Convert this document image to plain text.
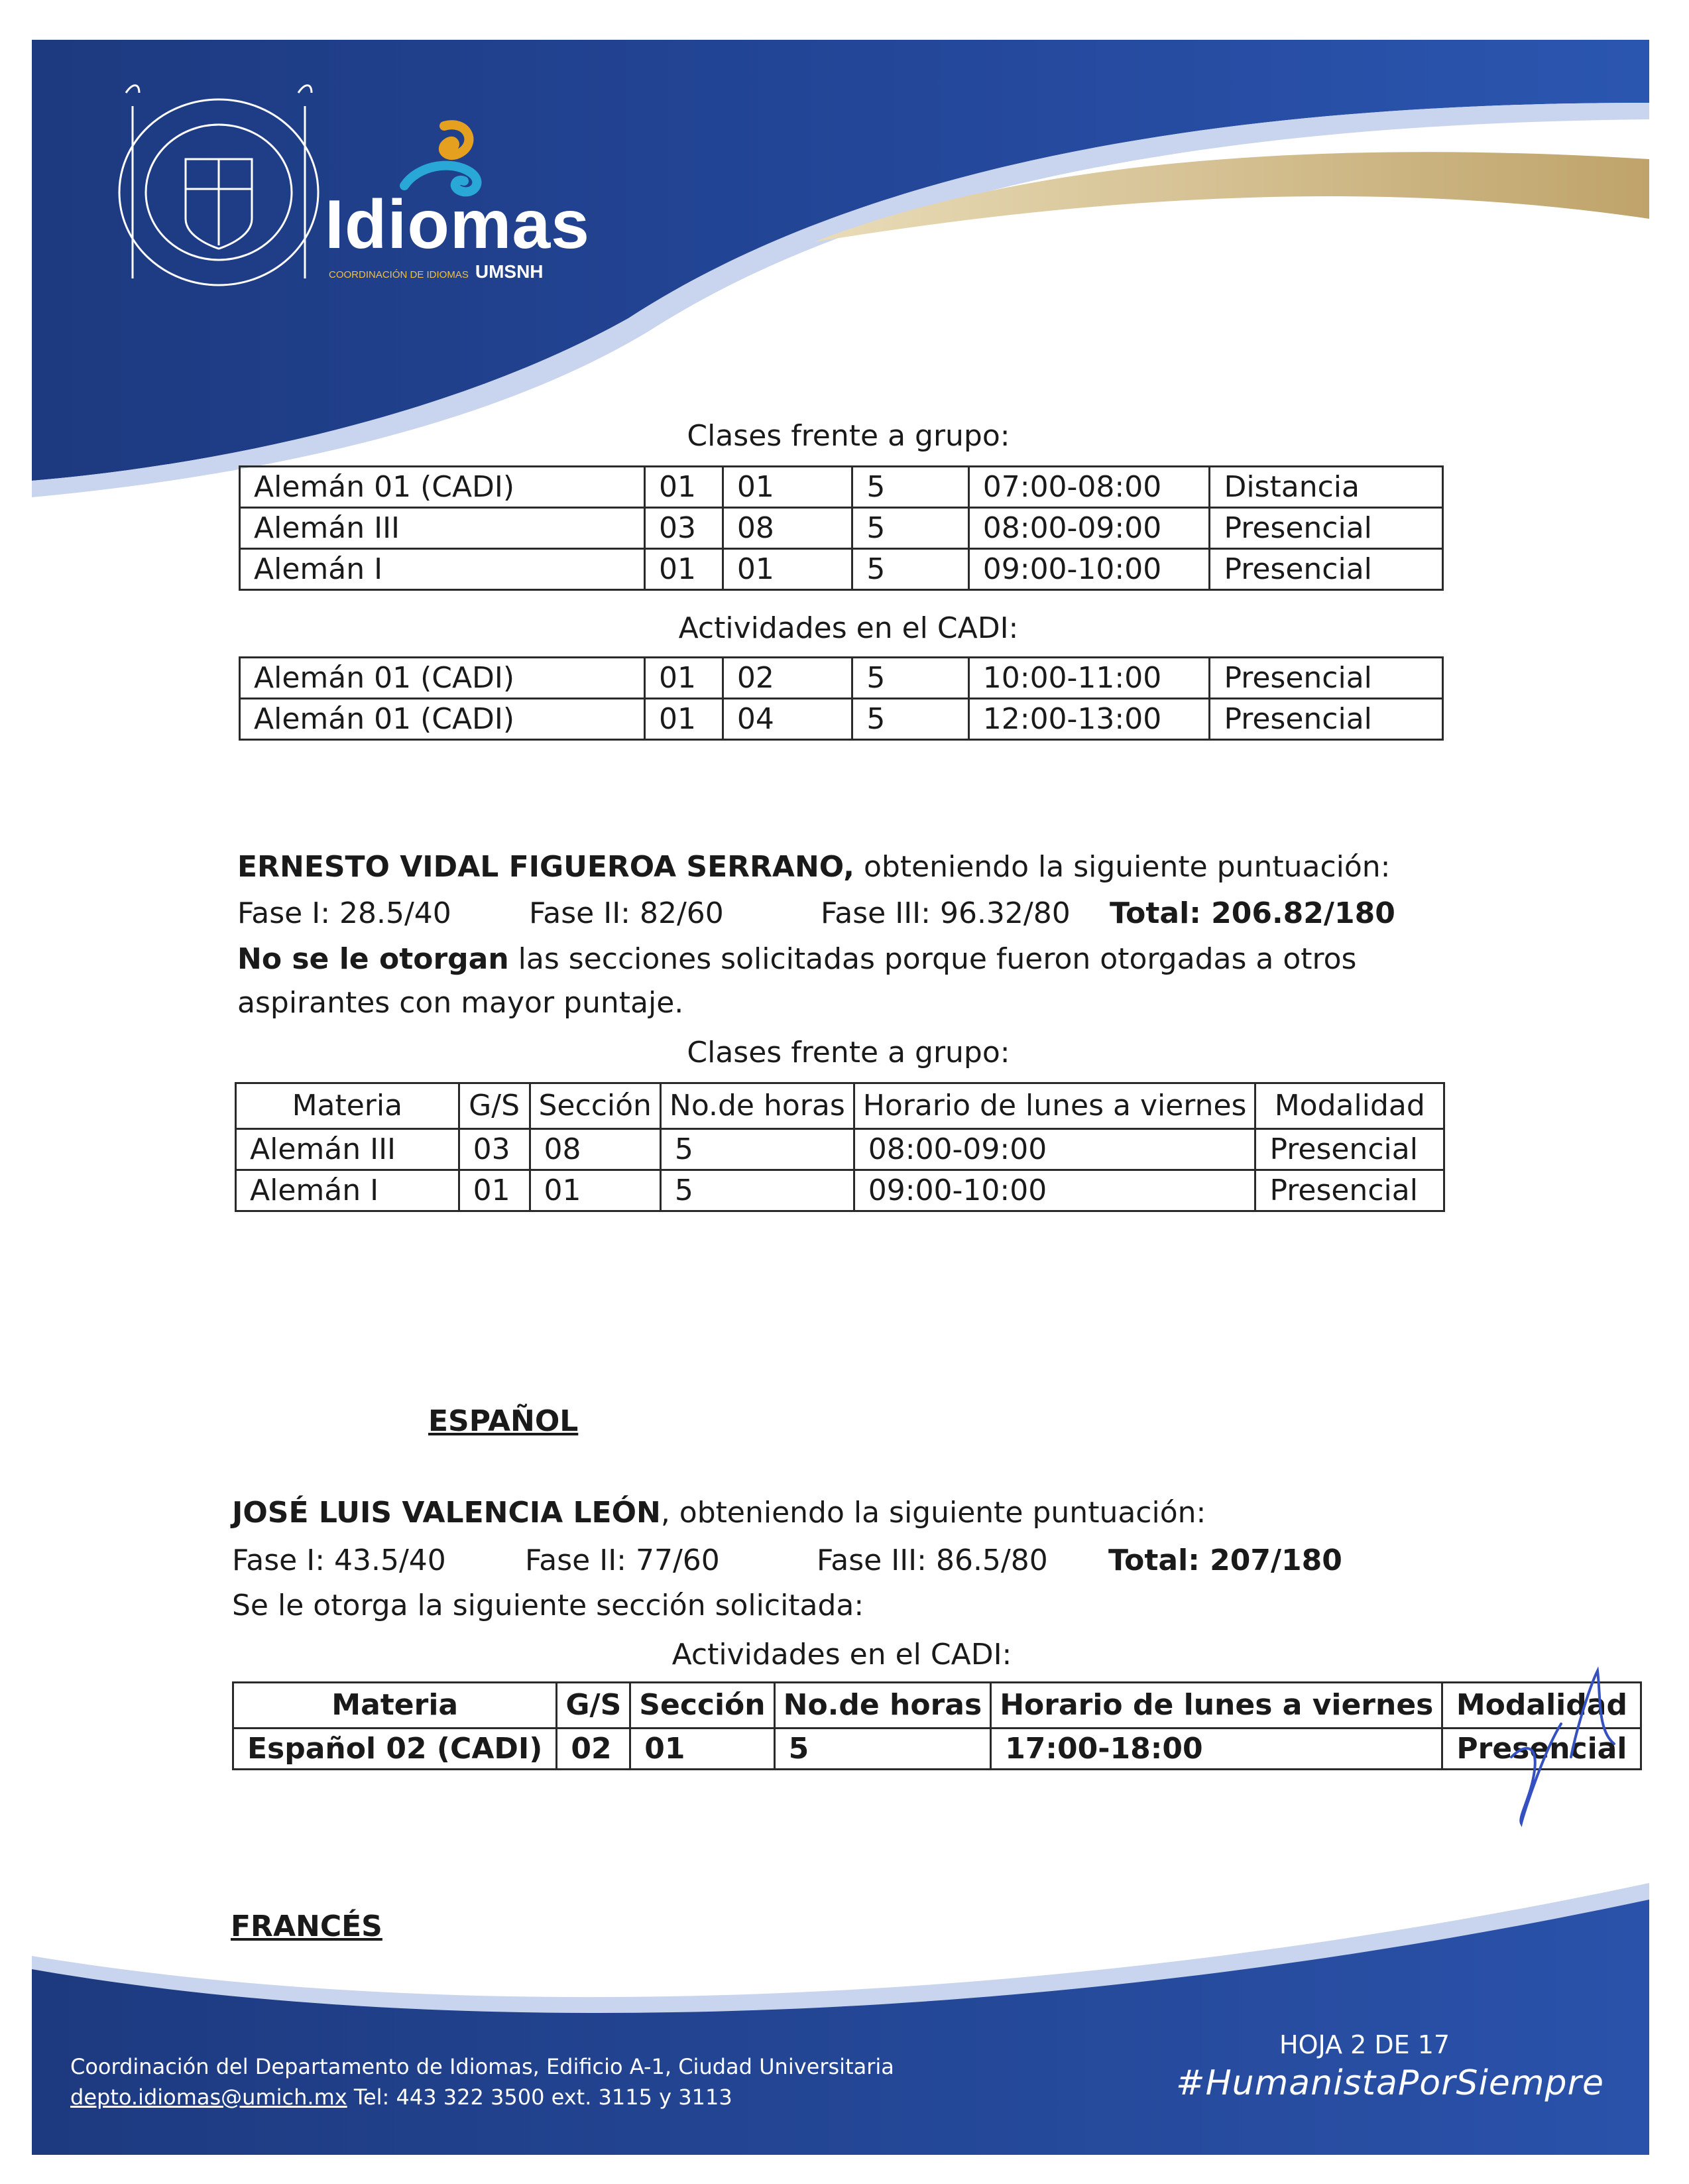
Idiomas
COORDINACIÓN DE IDIOMAS UMSNH
Clases frente a grupo:
Alemán 01 (CADI)	01	01	5	07:00-08:00	Distancia
Alemán III	03	08	5	08:00-09:00	Presencial
Alemán I	01	01	5	09:00-10:00	Presencial
Actividades en el CADI:
Alemán 01 (CADI)	01	02	5	10:00-11:00	Presencial
Alemán 01 (CADI)	01	04	5	12:00-13:00	Presencial
ERNESTO VIDAL FIGUEROA SERRANO, obteniendo la siguiente puntuación:
Fase I: 28.5/40	Fase II: 82/60	Fase III: 96.32/80 Total: 206.82/180
No se le otorgan las secciones solicitadas porque fueron otorgadas a otros aspirantes con mayor puntaje.
Clases frente a grupo:
Materia	G/S	Sección	No.de horas	Horario de lunes a viernes	Modalidad
Alemán III	03	08	5	08:00-09:00	Presencial
Alemán I	01	01	5	09:00-10:00	Presencial
ESPAÑOL
JOSÉ LUIS VALENCIA LEÓN, obteniendo la siguiente puntuación:
Fase I: 43.5/40	Fase II: 77/60	Fase III: 86.5/80 Total: 207/180
Se le otorga la siguiente sección solicitada:
Actividades en el CADI:
Materia	G/S	Sección	No.de horas	Horario de lunes a viernes	Modalidad
Español 02 (CADI)	02	01	5	17:00-18:00	Presencial
FRANCÉS
Coordinación del Departamento de Idiomas, Edificio A-1, Ciudad Universitaria
depto.idiomas@umich.mx Tel: 443 322 3500 ext. 3115 y 3113
HOJA 2 DE 17
#HumanistaPorSiempre
